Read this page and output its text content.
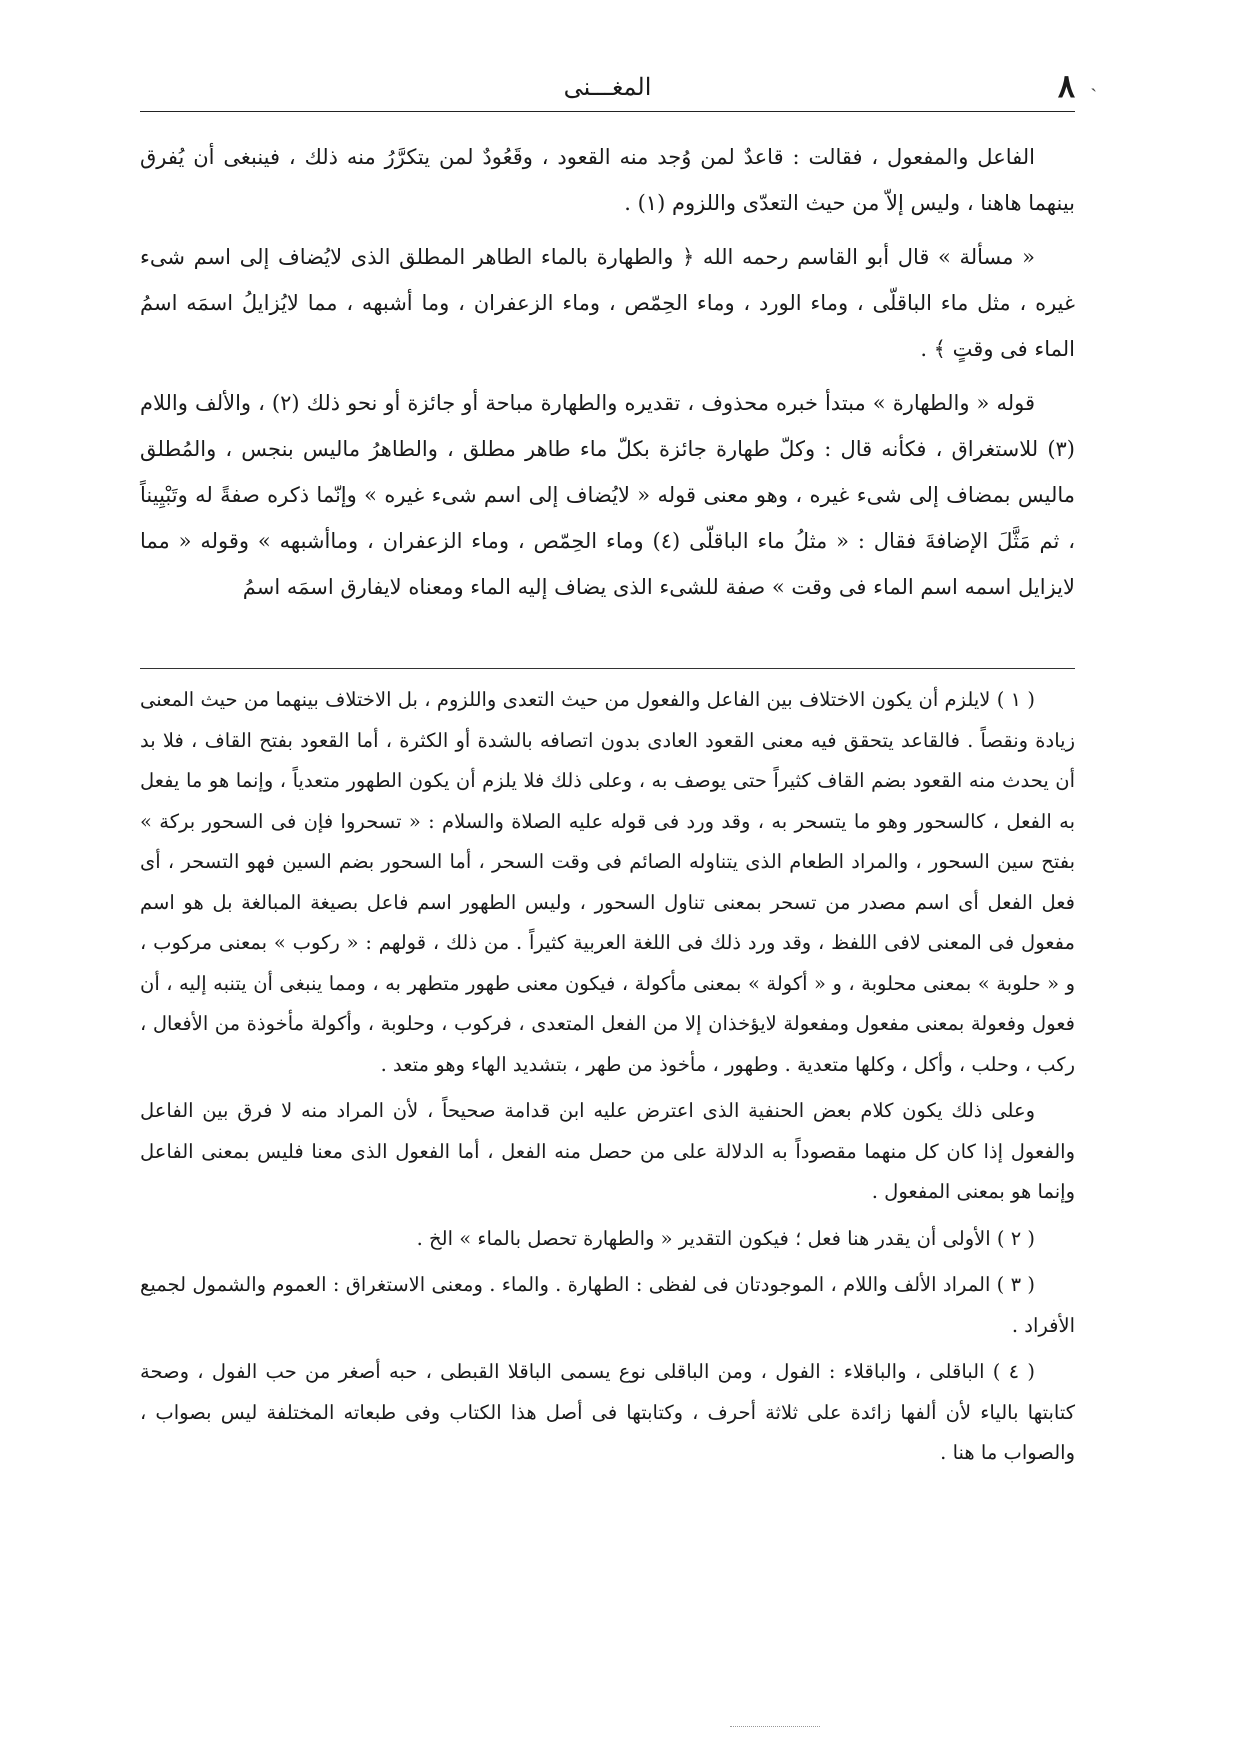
ˏ
٨
المغـــنى

الفاعل والمفعول ، فقالت : قاعدٌ لمن وُجد منه القعود ، وقَعُودٌ لمن يتكرَّرُ منه ذلك ، فينبغى أن يُفرق بينهما هاهنا ، وليس إلاّ من حيث التعدّى واللزوم (١) .

« مسألة » قال أبو القاسم رحمه الله ﴿ والطهارة بالماء الطاهر المطلق الذى لايُضاف إلى اسم شىء غيره ، مثل ماء الباقلّى ، وماء الورد ، وماء الحِمّص ، وماء الزعفران ، وما أشبهه ، مما لايُزايلُ اسمَه اسمُ الماء فى وقتٍ ﴾ .

قوله « والطهارة » مبتدأ خبره محذوف ، تقديره والطهارة مباحة أو جائزة أو نحو ذلك (٢) ، والألف واللام (٣) للاستغراق ، فكأنه قال : وكلّ طهارة جائزة بكلّ ماء طاهر مطلق ، والطاهرُ ماليس بنجس ، والمُطلق ماليس بمضاف إلى شىء غيره ، وهو معنى قوله « لايُضاف إلى اسم شىء غيره » وإنّما ذكره صفةً له وتَبْيِيناً ، ثم مَثَّلَ الإضافةَ فقال : « مثلُ ماء الباقلّى (٤) وماء الحِمّص ، وماء الزعفران ، وماأشبهه » وقوله « مما لايزايل اسمه اسم الماء فى وقت » صفة للشىء الذى يضاف إليه الماء ومعناه لايفارق اسمَه اسمُ

( ١ ) لايلزم أن يكون الاختلاف بين الفاعل والفعول من حيث التعدى واللزوم ، بل الاختلاف بينهما من حيث المعنى زيادة ونقصاً . فالقاعد يتحقق فيه معنى القعود العادى بدون اتصافه بالشدة أو الكثرة ، أما القعود بفتح القاف ، فلا بد أن يحدث منه القعود بضم القاف كثيراً حتى يوصف به ، وعلى ذلك فلا يلزم أن يكون الطهور متعدياً ، وإنما هو ما يفعل به الفعل ، كالسحور وهو ما يتسحر به ، وقد ورد فى قوله عليه الصلاة والسلام : « تسحروا فإن فى السحور بركة » بفتح سين السحور ، والمراد الطعام الذى يتناوله الصائم فى وقت السحر ، أما السحور بضم السين فهو التسحر ، أى فعل الفعل أى اسم مصدر من تسحر بمعنى تناول السحور ، وليس الطهور اسم فاعل بصيغة المبالغة بل هو اسم مفعول فى المعنى لافى اللفظ ، وقد ورد ذلك فى اللغة العربية كثيراً . من ذلك ، قولهم : « ركوب » بمعنى مركوب ، و « حلوبة » بمعنى محلوبة ، و « أكولة » بمعنى مأكولة ، فيكون معنى طهور متطهر به ، ومما ينبغى أن يتنبه إليه ، أن فعول وفعولة بمعنى مفعول ومفعولة لايؤخذان إلا من الفعل المتعدى ، فركوب ، وحلوبة ، وأكولة مأخوذة من الأفعال ، ركب ، وحلب ، وأكل ، وكلها متعدية . وطهور ، مأخوذ من طهر ، بتشديد الهاء وهو متعد .

وعلى ذلك يكون كلام بعض الحنفية الذى اعترض عليه ابن قدامة صحيحاً ، لأن المراد منه لا فرق بين الفاعل والفعول إذا كان كل منهما مقصوداً به الدلالة على من حصل منه الفعل ، أما الفعول الذى معنا فليس بمعنى الفاعل وإنما هو بمعنى المفعول .

( ٢ ) الأولى أن يقدر هنا فعل ؛ فيكون التقدير « والطهارة تحصل بالماء » الخ .

( ٣ ) المراد الألف واللام ، الموجودتان فى لفظى : الطهارة . والماء . ومعنى الاستغراق : العموم والشمول لجميع الأفراد .

( ٤ ) الباقلى ، والباقلاء : الفول ، ومن الباقلى نوع يسمى الباقلا القبطى ، حبه أصغر من حب الفول ، وصحة كتابتها بالياء لأن ألفها زائدة على ثلاثة أحرف ، وكتابتها فى أصل هذا الكتاب وفى طبعاته المختلفة ليس بصواب ، والصواب ما هنا .
